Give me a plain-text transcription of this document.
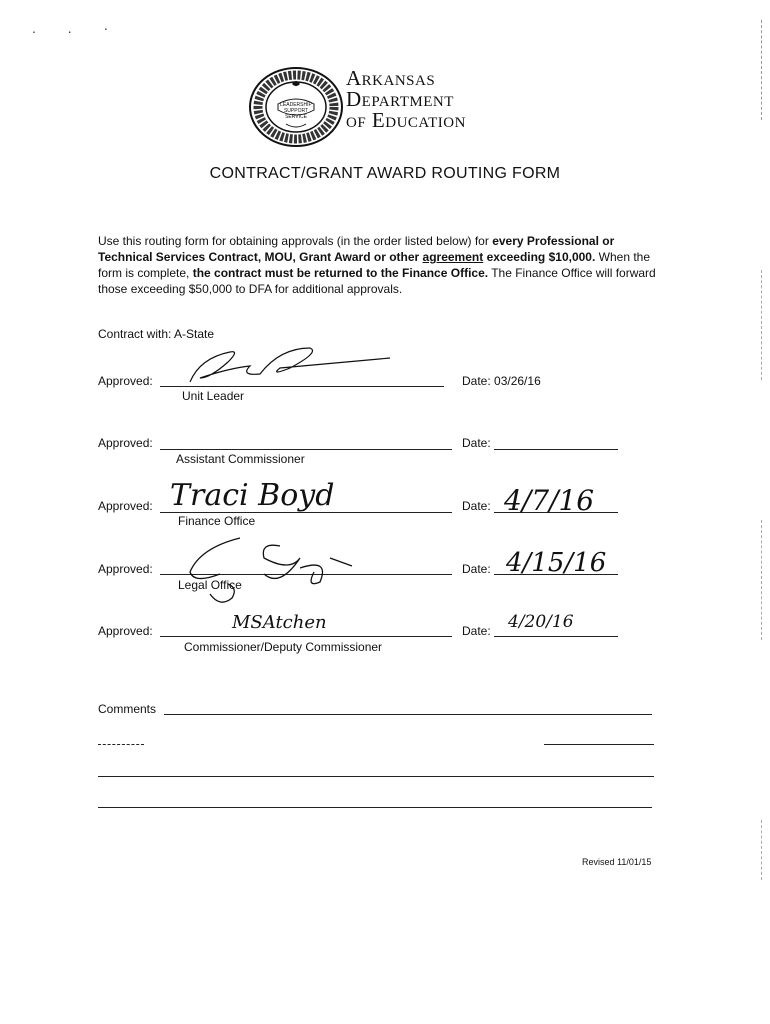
. . ·
LEADERSHIP
SUPPORT
SERVICE
Arkansas
Department
of Education
CONTRACT/GRANT AWARD ROUTING FORM
Use this routing form for obtaining approvals (in the order listed below) for every Professional or Technical Services Contract, MOU, Grant Award or other agreement exceeding $10,000. When the form is complete, the contract must be returned to the Finance Office. The Finance Office will forward those exceeding $50,000 to DFA for additional approvals.
Contract with: A-State
Approved:
Unit Leader
Date: 03/26/16
Approved:
Assistant Commissioner
Date:
Approved: Traci Boyd
Finance Office
Date: 4/7/16
Approved:
Legal Office
Date: 4/15/16
Approved:	MSAtchen
Commissioner/Deputy Commissioner
Date: 4/20/16
Comments
Revised 11/01/15
